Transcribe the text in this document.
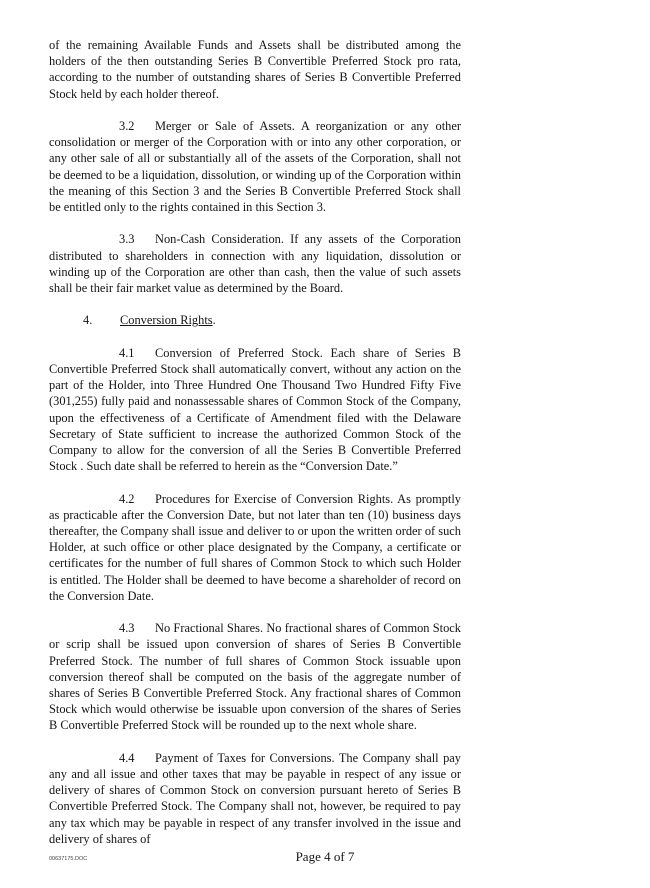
of the remaining Available Funds and Assets shall be distributed among the holders of the then outstanding Series B Convertible Preferred Stock pro rata, according to the number of outstanding shares of Series B Convertible Preferred Stock held by each holder thereof.

3.2 Merger or Sale of Assets. A reorganization or any other consolidation or merger of the Corporation with or into any other corporation, or any other sale of all or substantially all of the assets of the Corporation, shall not be deemed to be a liquidation, dissolution, or winding up of the Corporation within the meaning of this Section 3 and the Series B Convertible Preferred Stock shall be entitled only to the rights contained in this Section 3.

3.3 Non-Cash Consideration. If any assets of the Corporation distributed to shareholders in connection with any liquidation, dissolution or winding up of the Corporation are other than cash, then the value of such assets shall be their fair market value as determined by the Board.

4. Conversion Rights.

4.1 Conversion of Preferred Stock. Each share of Series B Convertible Preferred Stock shall automatically convert, without any action on the part of the Holder, into Three Hundred One Thousand Two Hundred Fifty Five (301,255) fully paid and nonassessable shares of Common Stock of the Company, upon the effectiveness of a Certificate of Amendment filed with the Delaware Secretary of State sufficient to increase the authorized Common Stock of the Company to allow for the conversion of all the Series B Convertible Preferred Stock . Such date shall be referred to herein as the “Conversion Date.”

4.2 Procedures for Exercise of Conversion Rights. As promptly as practicable after the Conversion Date, but not later than ten (10) business days thereafter, the Company shall issue and deliver to or upon the written order of such Holder, at such office or other place designated by the Company, a certificate or certificates for the number of full shares of Common Stock to which such Holder is entitled. The Holder shall be deemed to have become a shareholder of record on the Conversion Date.

4.3 No Fractional Shares. No fractional shares of Common Stock or scrip shall be issued upon conversion of shares of Series B Convertible Preferred Stock. The number of full shares of Common Stock issuable upon conversion thereof shall be computed on the basis of the aggregate number of shares of Series B Convertible Preferred Stock. Any fractional shares of Common Stock which would otherwise be issuable upon conversion of the shares of Series B Convertible Preferred Stock will be rounded up to the next whole share.

4.4 Payment of Taxes for Conversions. The Company shall pay any and all issue and other taxes that may be payable in respect of any issue or delivery of shares of Common Stock on conversion pursuant hereto of Series B Convertible Preferred Stock. The Company shall not, however, be required to pay any tax which may be payable in respect of any transfer involved in the issue and delivery of shares of

00637175.DOC	Page 4 of 7
